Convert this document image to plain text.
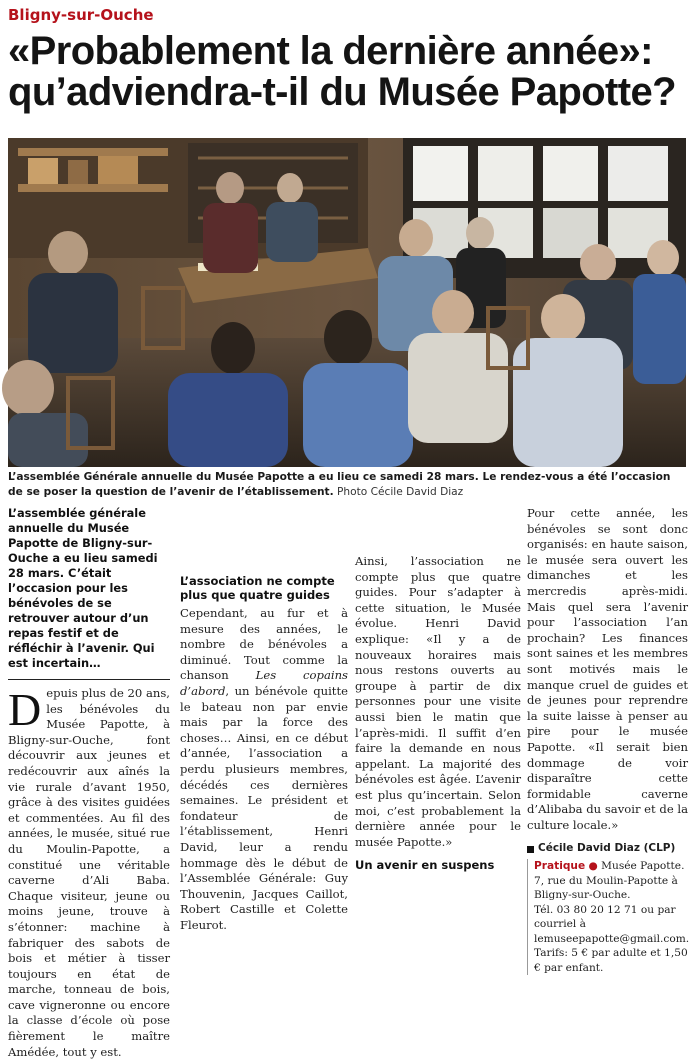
Bligny-sur-Ouche
«Probablement la dernière année»:
qu’adviendra-t-il du Musée Papotte?
L’assemblée Générale annuelle du Musée Papotte a eu lieu ce samedi 28 mars. Le rendez-vous a été l’occasion de se poser la question de l’avenir de l’établissement. Photo Cécile David Diaz

L’assemblée générale annuelle du Musée Papotte de Bligny-sur-Ouche a eu lieu samedi 28 mars. C’était l’occasion pour les bénévoles de se retrouver autour d’un repas festif et de réfléchir à l’avenir. Qui est incertain…

Depuis plus de 20 ans, les bénévoles du Musée Papotte, à Bligny-sur-Ouche, font découvrir aux jeunes et redécouvrir aux aînés la vie rurale d’avant 1950, grâce à des visites guidées et commentées. Au fil des années, le musée, situé rue du Moulin-Papotte, a constitué une véritable caverne d’Ali Baba. Chaque visiteur, jeune ou moins jeune, trouve à s’étonner: machine à fabriquer des sabots de bois et métier à tisser toujours en état de marche, tonneau de bois, cave vigneronne ou encore la classe d’école où pose fièrement le maître Amédée, tout y est.

L’association ne compte plus que quatre guides

Cependant, au fur et à mesure des années, le nombre de bénévoles a diminué. Tout comme la chanson Les copains d’abord, un bénévole quitte le bateau non par envie mais par la force des choses… Ainsi, en ce début d’année, l’association a perdu plusieurs membres, décédés ces dernières semaines. Le président et fondateur de l’établissement, Henri David, leur a rendu hommage dès le début de l’Assemblée Générale: Guy Thouvenin, Jacques Caillot, Robert Castille et Colette Fleurot.

Ainsi, l’association ne compte plus que quatre guides. Pour s’adapter à cette situation, le Musée évolue. Henri David explique: «Il y a de nouveaux horaires mais nous restons ouverts au groupe à partir de dix personnes pour une visite aussi bien le matin que l’après-midi. Il suffit d’en faire la demande en nous appelant. La majorité des bénévoles est âgée. L’avenir est plus qu’incertain. Selon moi, c’est probablement la dernière année pour le musée Papotte.»

Un avenir en suspens

Pour cette année, les bénévoles se sont donc organisés: en haute saison, le musée sera ouvert les dimanches et les mercredis après-midi. Mais quel sera l’avenir pour l’association l’an prochain? Les finances sont saines et les membres sont motivés mais le manque cruel de guides et de jeunes pour reprendre la suite laisse à penser au pire pour le musée Papotte. «Il serait bien dommage de voir disparaître cette formidable caverne d’Alibaba du savoir et de la culture locale.»

Cécile David Diaz (CLP)

Pratique ● Musée Papotte. 7, rue du Moulin-Papotte à Bligny-sur-Ouche.

Tél. 03 80 20 12 71 ou par courriel à lemuseepapotte@gmail.com. Tarifs: 5 € par adulte et 1,50 € par enfant.
